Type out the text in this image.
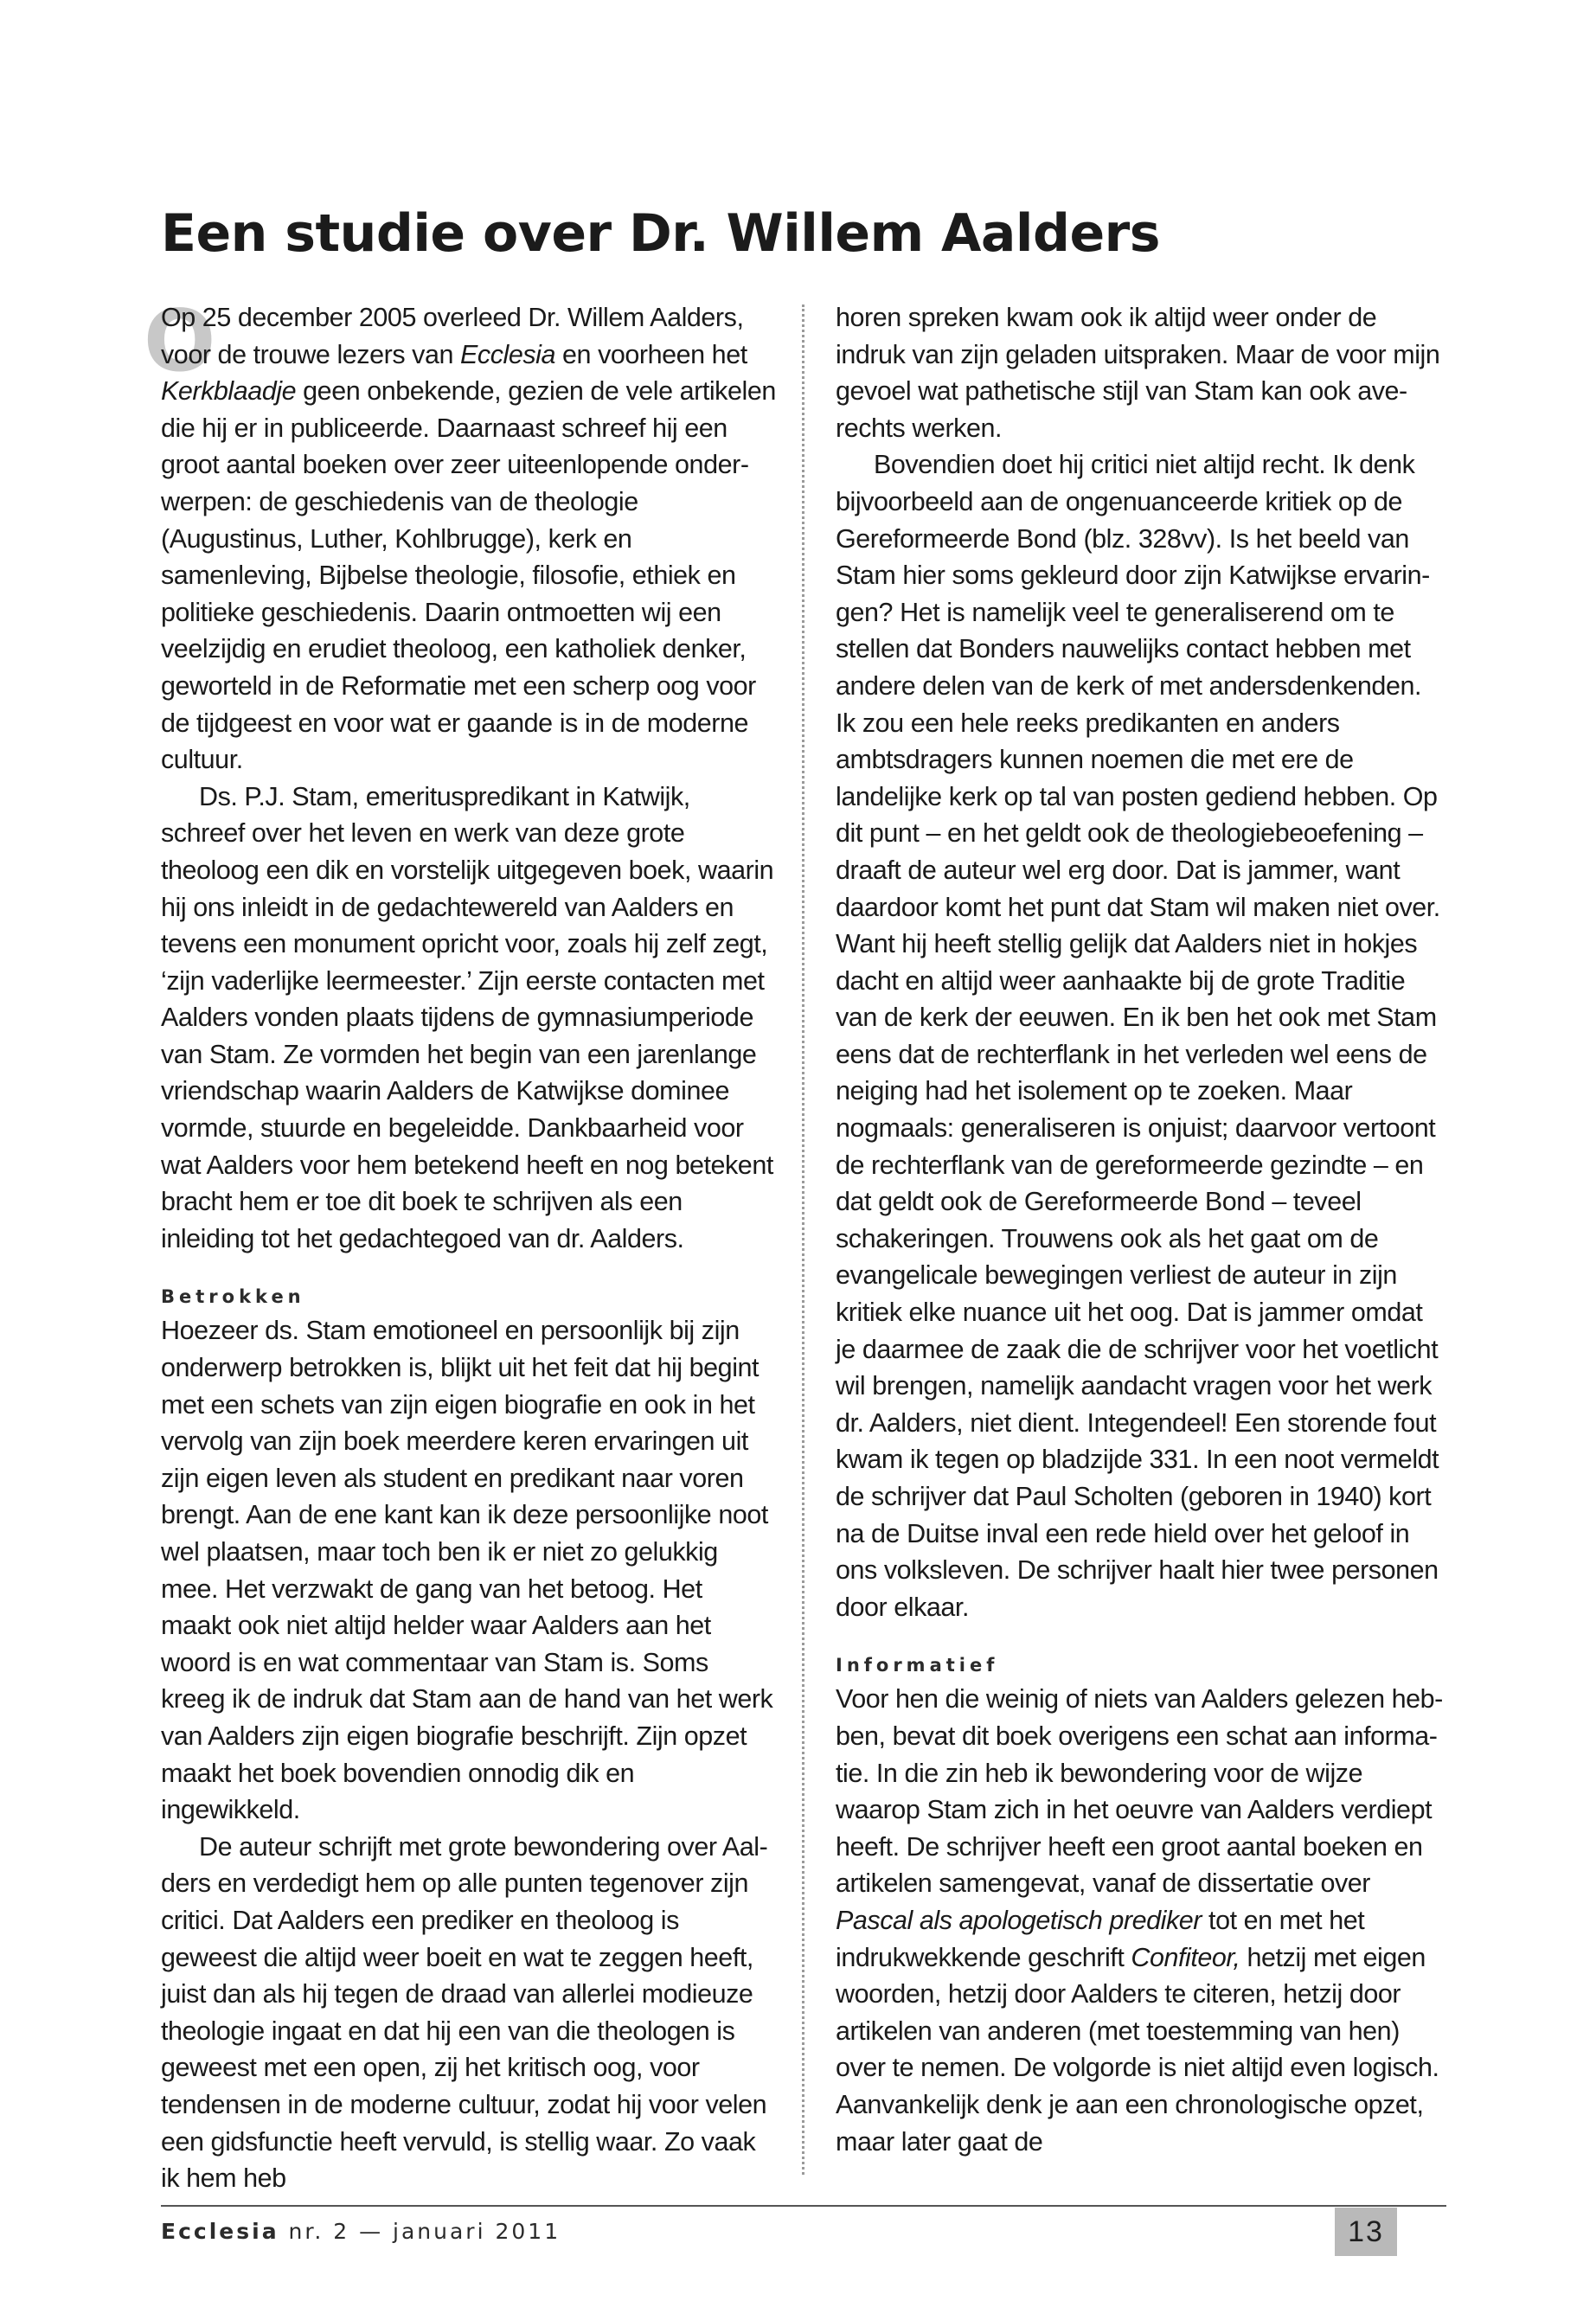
Een studie over Dr. Willem Aalders
O

Op 25 december 2005 overleed Dr. Willem Aalders, voor de trouwe lezers van Ecclesia en voorheen het Kerkblaadje geen onbekende, gezien de vele artikelen die hij er in publiceerde. Daarnaast schreef hij een groot aantal boeken over zeer uiteenlopende onderwerpen: de geschiedenis van de theologie (Augustinus, Luther, Kohlbrugge), kerk en samenleving, Bijbelse theologie, filosofie, ethiek en politieke geschiedenis. Daarin ontmoetten wij een veelzijdig en erudiet theoloog, een katholiek denker, geworteld in de Reformatie met een scherp oog voor de tijdgeest en voor wat er gaande is in de moderne cultuur.

Ds. P.J. Stam, emerituspredikant in Katwijk, schreef over het leven en werk van deze grote theoloog een dik en vorstelijk uitgegeven boek, waarin hij ons inleidt in de gedachtewereld van Aalders en tevens een monument opricht voor, zoals hij zelf zegt, ‘zijn vaderlijke leermeester.’ Zijn eerste contacten met Aalders vonden plaats tijdens de gymnasiumperiode van Stam. Ze vormden het begin van een jarenlange vriendschap waarin Aalders de Katwijkse dominee vormde, stuurde en begeleidde. Dankbaarheid voor wat Aalders voor hem betekend heeft en nog betekent bracht hem er toe dit boek te schrijven als een inleiding tot het gedachtegoed van dr. Aalders.

Betrokken

Hoezeer ds. Stam emotioneel en persoonlijk bij zijn onderwerp betrokken is, blijkt uit het feit dat hij begint met een schets van zijn eigen biografie en ook in het vervolg van zijn boek meerdere keren ervaringen uit zijn eigen leven als student en predikant naar voren brengt. Aan de ene kant kan ik deze persoonlijke noot wel plaatsen, maar toch ben ik er niet zo gelukkig mee. Het verzwakt de gang van het betoog. Het maakt ook niet altijd helder waar Aalders aan het woord is en wat commentaar van Stam is. Soms kreeg ik de indruk dat Stam aan de hand van het werk van Aalders zijn eigen biografie beschrijft. Zijn opzet maakt het boek bovendien onnodig dik en ingewikkeld.

De auteur schrijft met grote bewondering over Aalders en verdedigt hem op alle punten tegenover zijn critici. Dat Aalders een prediker en theoloog is geweest die altijd weer boeit en wat te zeggen heeft, juist dan als hij tegen de draad van allerlei modieuze theologie ingaat en dat hij een van die theologen is geweest met een open, zij het kritisch oog, voor tendensen in de moderne cultuur, zodat hij voor velen een gidsfunctie heeft vervuld, is stellig waar. Zo vaak ik hem heb

horen spreken kwam ook ik altijd weer onder de indruk van zijn geladen uitspraken. Maar de voor mijn gevoel wat pathetische stijl van Stam kan ook averechts werken.

Bovendien doet hij critici niet altijd recht. Ik denk bijvoorbeeld aan de ongenuanceerde kritiek op de Gereformeerde Bond (blz. 328vv). Is het beeld van Stam hier soms gekleurd door zijn Katwijkse ervaringen? Het is namelijk veel te generaliserend om te stellen dat Bonders nauwelijks contact hebben met andere delen van de kerk of met andersdenkenden. Ik zou een hele reeks predikanten en anders ambtsdragers kunnen noemen die met ere de landelijke kerk op tal van posten gediend hebben. Op dit punt – en het geldt ook de theologiebeoefening – draaft de auteur wel erg door. Dat is jammer, want daardoor komt het punt dat Stam wil maken niet over. Want hij heeft stellig gelijk dat Aalders niet in hokjes dacht en altijd weer aanhaakte bij de grote Traditie van de kerk der eeuwen. En ik ben het ook met Stam eens dat de rechterflank in het verleden wel eens de neiging had het isolement op te zoeken. Maar nogmaals: generaliseren is onjuist; daarvoor vertoont de rechterflank van de gereformeerde gezindte – en dat geldt ook de Gereformeerde Bond – teveel schakeringen. Trouwens ook als het gaat om de evangelicale bewegingen verliest de auteur in zijn kritiek elke nuance uit het oog. Dat is jammer omdat je daarmee de zaak die de schrijver voor het voetlicht wil brengen, namelijk aandacht vragen voor het werk dr. Aalders, niet dient. Integendeel! Een storende fout kwam ik tegen op bladzijde 331. In een noot vermeldt de schrijver dat Paul Scholten (geboren in 1940) kort na de Duitse inval een rede hield over het geloof in ons volksleven. De schrijver haalt hier twee personen door elkaar.

Informatief

Voor hen die weinig of niets van Aalders gelezen hebben, bevat dit boek overigens een schat aan informatie. In die zin heb ik bewondering voor de wijze waarop Stam zich in het oeuvre van Aalders verdiept heeft. De schrijver heeft een groot aantal boeken en artikelen samengevat, vanaf de dissertatie over Pascal als apologetisch prediker tot en met het indrukwekkende geschrift Confiteor, hetzij met eigen woorden, hetzij door Aalders te citeren, hetzij door artikelen van anderen (met toestemming van hen) over te nemen. De volgorde is niet altijd even logisch. Aanvankelijk denk je aan een chronologische opzet, maar later gaat de

Ecclesia nr. 2 — januari 2011	13
